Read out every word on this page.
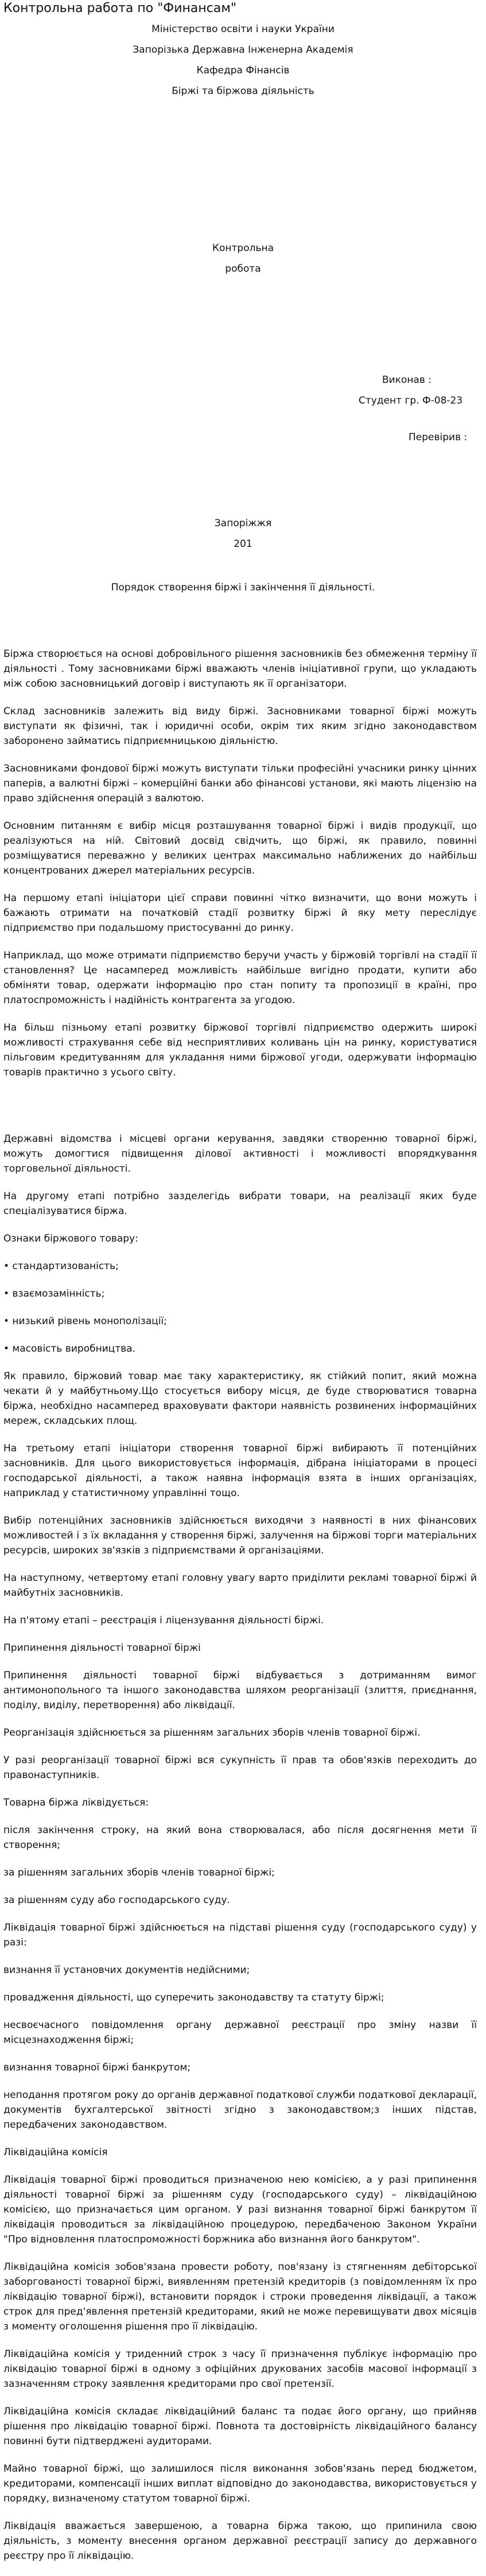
Контрольна работа по "Финансам"
Міністерство освіти і науки України
Запорізька Державна Інженерна Академія
Кафедра Фінансів
Біржі та біржова діяльність
Контрольна
робота
Виконав :
Студент гр. Ф-08-23
Перевірив :
Запоріжжя
201
Порядок створення біржі і закінчення її діяльності.

Біржа створюється на основі добровільного рішення засновників без обмеження терміну її діяльності . Тому засновниками біржі вважають членів ініціативної групи, що укладають між собою засновницький договір і виступають як її організатори.

Склад засновників залежить від виду біржі. Засновниками товарної біржі можуть виступати як фізичні, так і юридичні особи, окрім тих яким згідно законодавством заборонено займатись підприємницькою діяльністю.

Засновниками фондової біржі можуть виступати тільки професійні учасники ринку цінних паперів, а валютні біржі – комерційні банки або фінансові установи, які мають ліцензію на право здійснення операцій з валютою.

Основним питанням є вибір місця розташування товарної біржі і видів продукції, що реалізуються на ній. Світовий досвід свідчить, що біржі, як правило, повинні розміщуватися переважно у великих центрах максимально наближених до найбільш концентрованих джерел матеріальних ресурсів.

На першому етапі ініціатори цієї справи повинні чітко визначити, що вони можуть і бажають отримати на початковій стадії розвитку біржі й яку мету переслідує підприємство при подальшому пристосуванні до ринку.

Наприклад, що може отримати підприємство беручи участь у біржовій торгівлі на стадії її становлення? Це насамперед можливість найбільше вигідно продати, купити або обміняти товар, одержати інформацію про стан попиту та пропозиції в країні, про платоспроможність і надійність контрагента за угодою.

На більш пізньому етапі розвитку біржової торгівлі підприємство одержить широкі можливості страхування себе від несприятливих коливань цін на ринку, користуватися пільговим кредитуванням для укладання ними біржової угоди, одержувати інформацію товарів практично з усього світу.

Державні відомства і місцеві органи керування, завдяки створенню товарної біржі, можуть домогтися підвищення ділової активності і можливості впорядкування торговельної діяльності.

На другому етапі потрібно зазделегідь вибрати товари, на реалізації яких буде спеціалізуватися біржа.

Ознаки біржового товару:

• стандартизованість;

• взаємозамінність;

• низький рівень монополізації;

• масовість виробництва.

Як правило, біржовий товар має таку характеристику, як стійкий попит, який можна чекати й у майбутньому.Що стосується вибору місця, де буде створюватися товарна біржа, необхідно насамперед враховувати фактори наявність розвинених інформаційних мереж, складських площ.

На третьому етапі ініціатори створення товарної біржі вибирають її потенційних засновників. Для цього використовується інформація, дібрана ініціаторами в процесі господарської діяльності, а також наявна інформація взята в інших організаціях, наприклад у статистичному управлінні тощо.

Вибір потенційних засновників здійснюється виходячи з наявності в них фінансових можливостей і з їх вкладання у створення біржі, залучення на біржові торги матеріальних ресурсів, широких зв'язків з підприємствами й організаціями.

На наступному, четвертому етапі головну увагу варто приділити рекламі товарної біржі й майбутніх засновників.

На п'ятому етапі – реєстрація і ліцензування діяльності біржі.

Припинення діяльності товарної біржі

Припинення діяльності товарної біржі відбувається з дотриманням вимог антимонопольного та іншого законодавства шляхом реорганізації (злиття, приєднання, поділу, виділу, перетворення) або ліквідації.

Реорганізація здійснюється за рішенням загальних зборів членів товарної біржі.

У разі реорганізації товарної біржі вся сукупність її прав та обов'язків переходить до правонаступників.

Товарна біржа ліквідується:

після закінчення строку, на який вона створювалася, або після досягнення мети її створення;

за рішенням загальних зборів членів товарної біржі;

за рішенням суду або господарського суду.

Ліквідація товарної біржі здійснюється на підставі рішення суду (господарського суду) у разі:

визнання її установчих документів недійсними;

провадження діяльності, що суперечить законодавству та статуту біржі;

несвоєчасного повідомлення органу державної реєстрації про зміну назви її місцезнаходження біржі;

визнання товарної біржі банкрутом;

неподання протягом року до органів державної податкової служби податкової декларації, документів бухгалтерської звітності згідно з законодавством;з інших підстав, передбачених законодавством.

Ліквідаційна комісія

Ліквідація товарної біржі проводиться призначеною нею комісією, а у разі припинення діяльності товарної біржі за рішенням суду (господарського суду) – ліквідаційною комісією, що призначається цим органом. У разі визнання товарної біржі банкрутом її ліквідація проводиться за ліквідаційною процедурою, передбаченою Законом України "Про відновлення платоспроможності боржника або визнання його банкрутом".

Ліквідаційна комісія зобов'язана провести роботу, пов'язану із стягненням дебіторської заборгованості товарної біржі, виявленням претензій кредиторів (з повідомленням їх про ліквідацію товарної біржі), встановити порядок і строки проведення ліквідації, а також строк для пред'явлення претензій кредиторами, який не може перевищувати двох місяців з моменту оголошення рішення про її ліквідацію.

Ліквідаційна комісія у триденний строк з часу її призначення публікує інформацію про ліквідацію товарної біржі в одному з офіційних друкованих засобів масової інформації з зазначенням строку заявлення кредиторами про свої претензії.

Ліквідаційна комісія складає ліквідаційний баланс та подає його органу, що прийняв рішення про ліквідацію товарної біржі. Повнота та достовірність ліквідаційного балансу повинні бути підтверджені аудиторами.

Майно товарної біржі, що залишилося після виконання зобов'язань перед бюджетом, кредиторами, компенсації інших виплат відповідно до законодавства, використовується у порядку, визначеному статутом товарної біржі.

Ліквідація вважається завершеною, а товарна біржа такою, що припинила свою діяльність, з моменту внесення органом державної реєстрації запису до державного реєстру про її ліквідацію.
